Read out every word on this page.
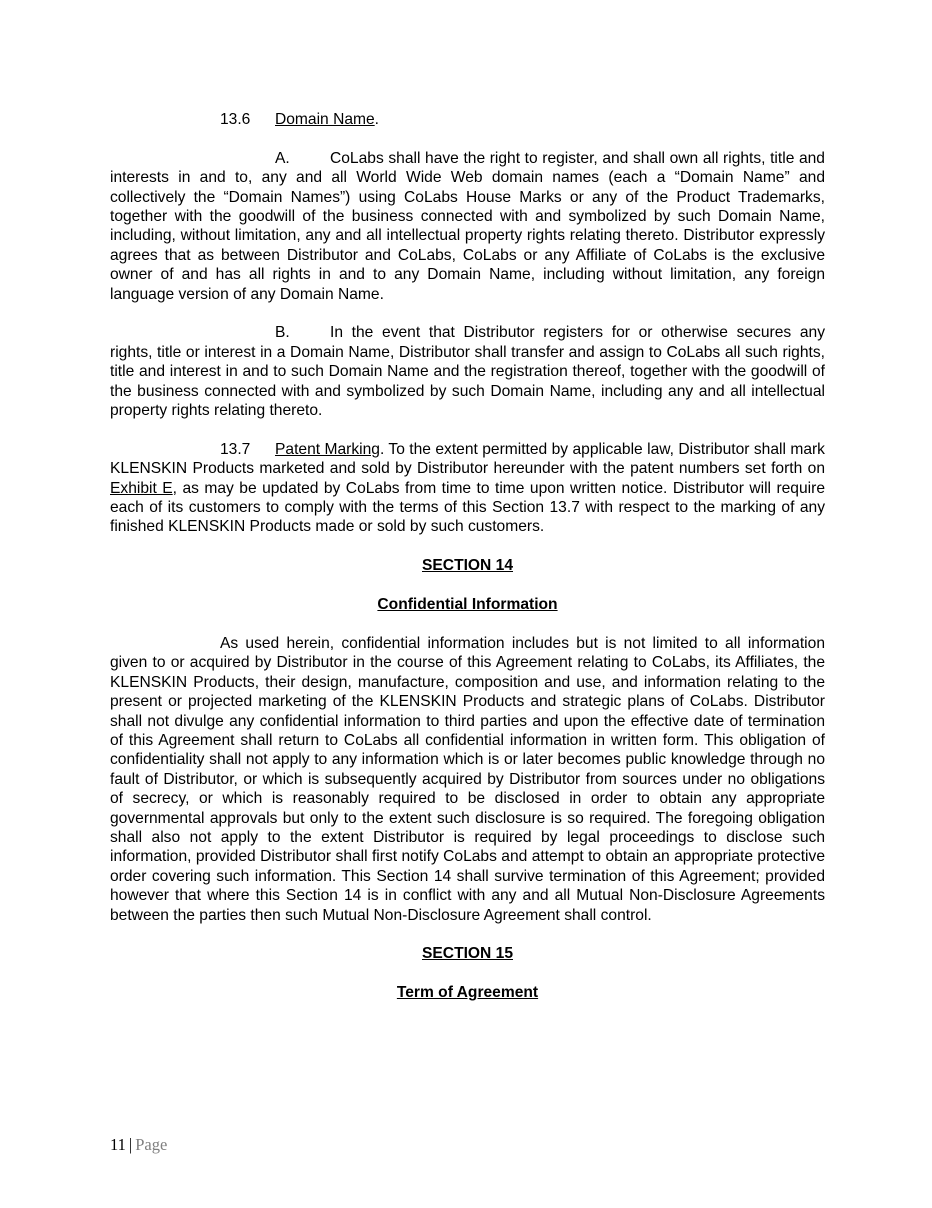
13.6 Domain Name.

A.	CoLabs shall have the right to register, and shall own all rights, title and interests in and to, any and all World Wide Web domain names (each a “Domain Name” and collectively the “Domain Names”) using CoLabs House Marks or any of the Product Trademarks, together with the goodwill of the business connected with and symbolized by such Domain Name, including, without limitation, any and all intellectual property rights relating thereto. Distributor expressly agrees that as between Distributor and CoLabs, CoLabs or any Affiliate of CoLabs is the exclusive owner of and has all rights in and to any Domain Name, including without limitation, any foreign language version of any Domain Name.

B.	In the event that Distributor registers for or otherwise secures any rights, title or interest in a Domain Name, Distributor shall transfer and assign to CoLabs all such rights, title and interest in and to such Domain Name and the registration thereof, together with the goodwill of the business connected with and symbolized by such Domain Name, including any and all intellectual property rights relating thereto.

13.7 Patent Marking. To the extent permitted by applicable law, Distributor shall mark KLENSKIN Products marketed and sold by Distributor hereunder with the patent numbers set forth on Exhibit E, as may be updated by CoLabs from time to time upon written notice. Distributor will require each of its customers to comply with the terms of this Section 13.7 with respect to the marking of any finished KLENSKIN Products made or sold by such customers.

SECTION 14

Confidential Information

As used herein, confidential information includes but is not limited to all information given to or acquired by Distributor in the course of this Agreement relating to CoLabs, its Affiliates, the KLENSKIN Products, their design, manufacture, composition and use, and information relating to the present or projected marketing of the KLENSKIN Products and strategic plans of CoLabs. Distributor shall not divulge any confidential information to third parties and upon the effective date of termination of this Agreement shall return to CoLabs all confidential information in written form. This obligation of confidentiality shall not apply to any information which is or later becomes public knowledge through no fault of Distributor, or which is subsequently acquired by Distributor from sources under no obligations of secrecy, or which is reasonably required to be disclosed in order to obtain any appropriate governmental approvals but only to the extent such disclosure is so required. The foregoing obligation shall also not apply to the extent Distributor is required by legal proceedings to disclose such information, provided Distributor shall first notify CoLabs and attempt to obtain an appropriate protective order covering such information. This Section 14 shall survive termination of this Agreement; provided however that where this Section 14 is in conflict with any and all Mutual Non-Disclosure Agreements between the parties then such Mutual Non-Disclosure Agreement shall control.

SECTION 15

Term of Agreement

11 | Page
